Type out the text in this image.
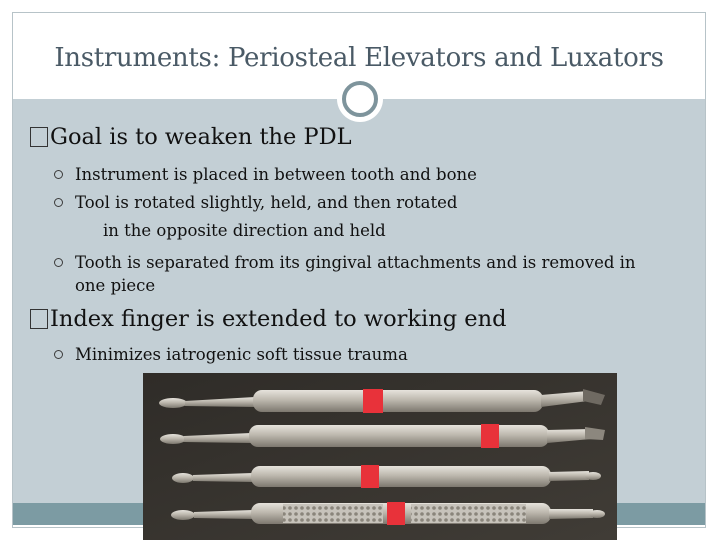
Instruments: Periosteal Elevators and Luxators
Goal is to weaken the PDL
Instrument is placed in between tooth and bone
Tool is rotated slightly, held, and then rotated
in the opposite direction and held
Tooth is separated from its gingival attachments and is removed in
one piece
Index finger is extended to working end
Minimizes iatrogenic soft tissue trauma
